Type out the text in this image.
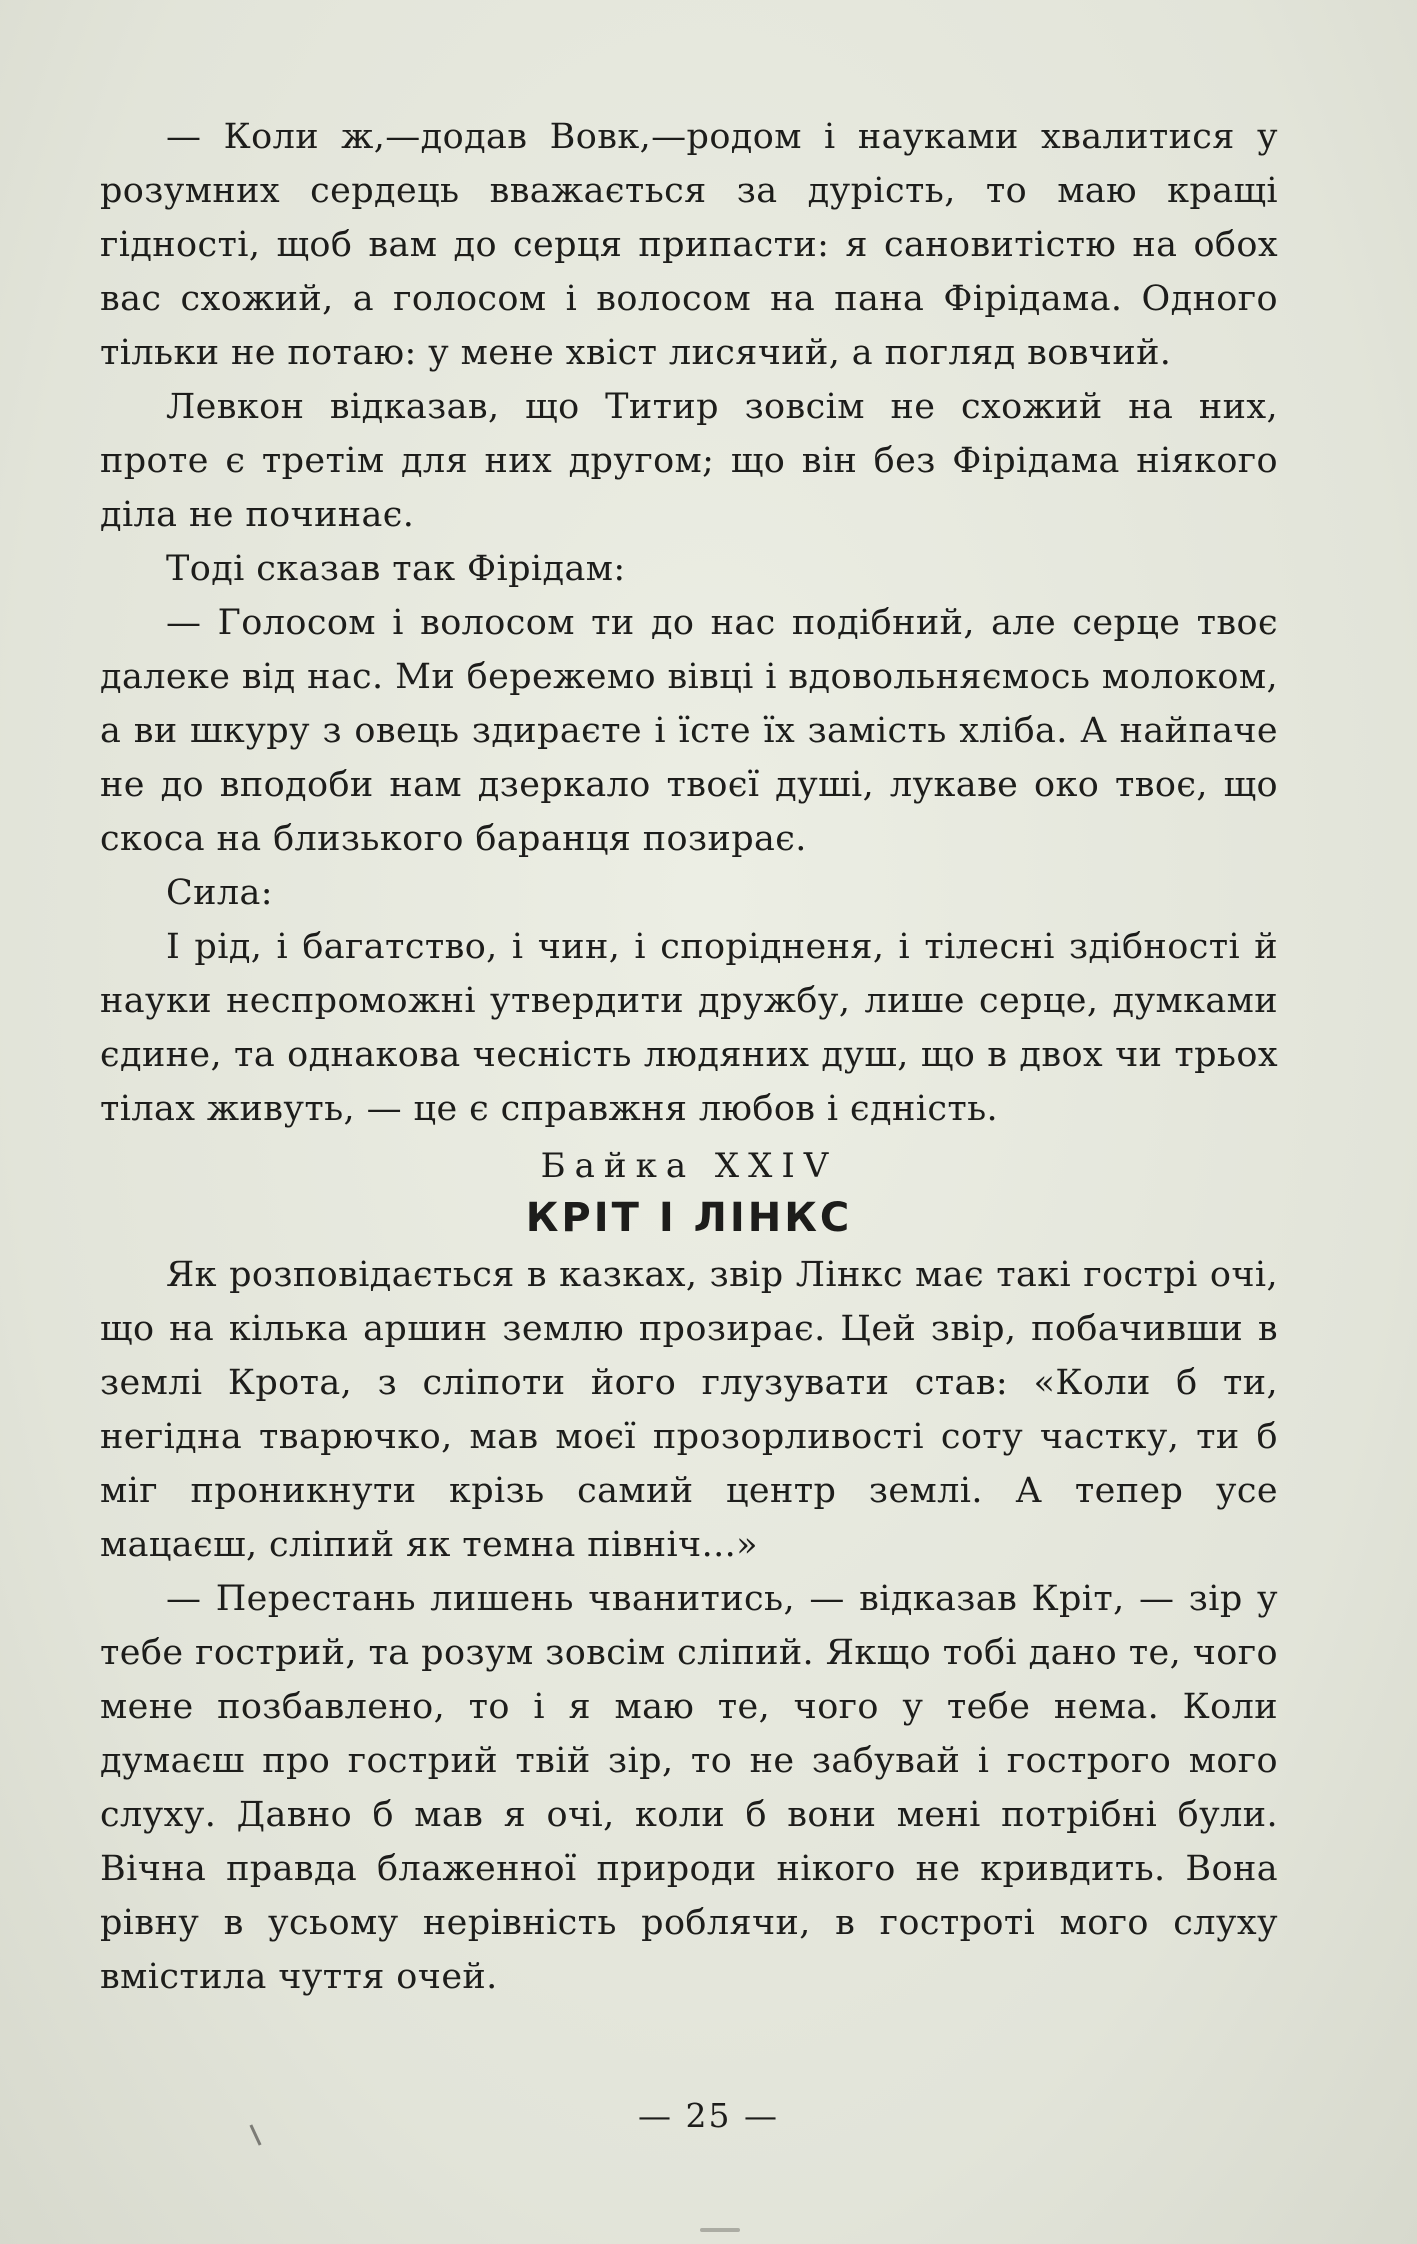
— Коли ж,—додав Вовк,—родом і науками хвалитися у розумних сердець вважається за дурість, то маю кращі гідності, щоб вам до серця припасти: я сановитістю на обох вас схожий, а голосом і волосом на пана Фірідама. Одного тільки не потаю: у мене хвіст лисячий, а погляд вовчий.

Левкон відказав, що Титир зовсім не схожий на них, проте є третім для них другом; що він без Фірідама ніякого діла не починає.

Тоді сказав так Фірідам:

— Голосом і волосом ти до нас подібний, але серце твоє далеке від нас. Ми бережемо вівці і вдовольняємось молоком, а ви шкуру з овець здираєте і їсте їх замість хліба. А найпаче не до вподоби нам дзеркало твоєї душі, лукаве око твоє, що скоса на близького баранця позирає.

Сила:

І рід, і багатство, і чин, і спорідненя, і тілесні здібності й науки неспроможні утвердити дружбу, лише серце, думками єдине, та однакова чесність людяних душ, що в двох чи трьох тілах живуть, — це є справжня любов і єдність.

Байка XXIV

КРІТ І ЛІНКС

Як розповідається в казках, звір Лінкс має такі гострі очі, що на кілька аршин землю прозирає. Цей звір, побачивши в землі Крота, з сліпоти його глузувати став: «Коли б ти, негідна тварючко, мав моєї прозорливості соту частку, ти б міг проникнути крізь самий центр землі. А тепер усе мацаєш, сліпий як темна північ...»

— Перестань лишень чванитись, — відказав Кріт, — зір у тебе гострий, та розум зовсім сліпий. Якщо тобі дано те, чого мене позбавлено, то і я маю те, чого у тебе нема. Коли думаєш про гострий твій зір, то не забувай і гострого мого слуху. Давно б мав я очі, коли б вони мені потрібні були. Вічна правда блаженної природи нікого не кривдить. Вона рівну в усьому нерівність роблячи, в гостроті мого слуху вмістила чуття очей.

— 25 —
